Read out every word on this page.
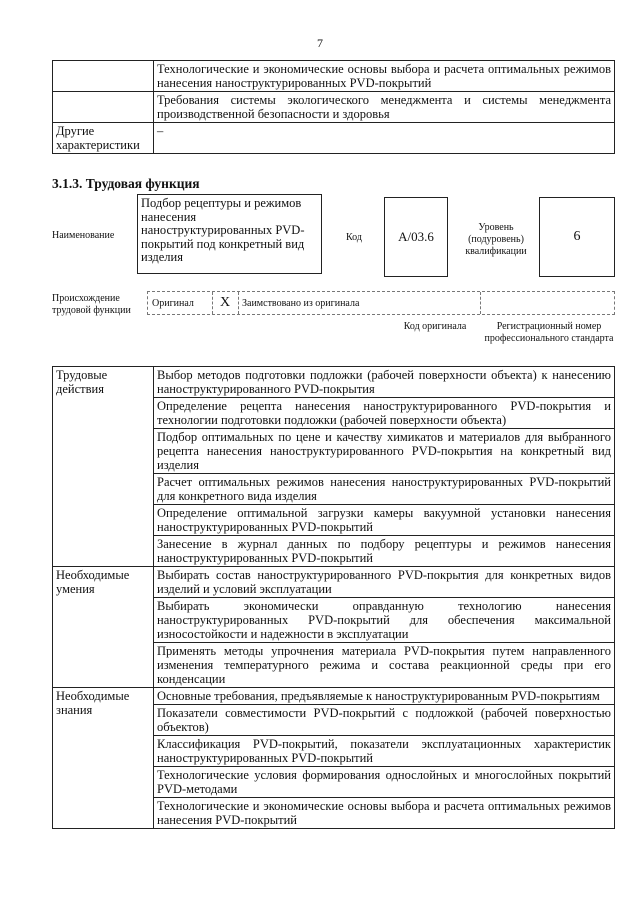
7
	Технологические и экономические основы выбора и расчета оптимальных режимов нанесения наноструктурированных PVD-покрытий
	Требования системы экологического менеджмента и системы менеджмента производственной безопасности и здоровья
Другие характеристики	–
3.1.3. Трудовая функция
Наименование
Подбор рецептуры и режимов нанесения наноструктурированных PVD-покрытий под конкретный вид изделия
Код	А/03.6
Уровень (подуровень) квалификации
6
Происхождение трудовой функции
Оригинал	X	Заимствовано из оригинала
Код оригинала	Регистрационный номер профессионального стандарта
Трудовые действия	Выбор методов подготовки подложки (рабочей поверхности объекта) к нанесению наноструктурированного PVD-покрытия
	Определение рецепта нанесения наноструктурированного PVD-покрытия и технологии подготовки подложки (рабочей поверхности объекта)
	Подбор оптимальных по цене и качеству химикатов и материалов для выбранного рецепта нанесения наноструктурированного PVD-покрытия на конкретный вид изделия
	Расчет оптимальных режимов нанесения наноструктурированных PVD-покрытий для конкретного вида изделия
	Определение оптимальной загрузки камеры вакуумной установки нанесения наноструктурированных PVD-покрытий
	Занесение в журнал данных по подбору рецептуры и режимов нанесения наноструктурированных PVD-покрытий
Необходимые умения	Выбирать состав наноструктурированного PVD-покрытия для конкретных видов изделий и условий эксплуатации
	Выбирать экономически оправданную технологию нанесения наноструктурированных PVD-покрытий для обеспечения максимальной износостойкости и надежности в эксплуатации
	Применять методы упрочнения материала PVD-покрытия путем направленного изменения температурного режима и состава реакционной среды при его конденсации
Необходимые знания	Основные требования, предъявляемые к наноструктурированным PVD-покрытиям
	Показатели совместимости PVD-покрытий с подложкой (рабочей поверхностью объектов)
	Классификация PVD-покрытий, показатели эксплуатационных характеристик наноструктурированных PVD-покрытий
	Технологические условия формирования однослойных и многослойных покрытий PVD-методами
	Технологические и экономические основы выбора и расчета оптимальных режимов нанесения PVD-покрытий
